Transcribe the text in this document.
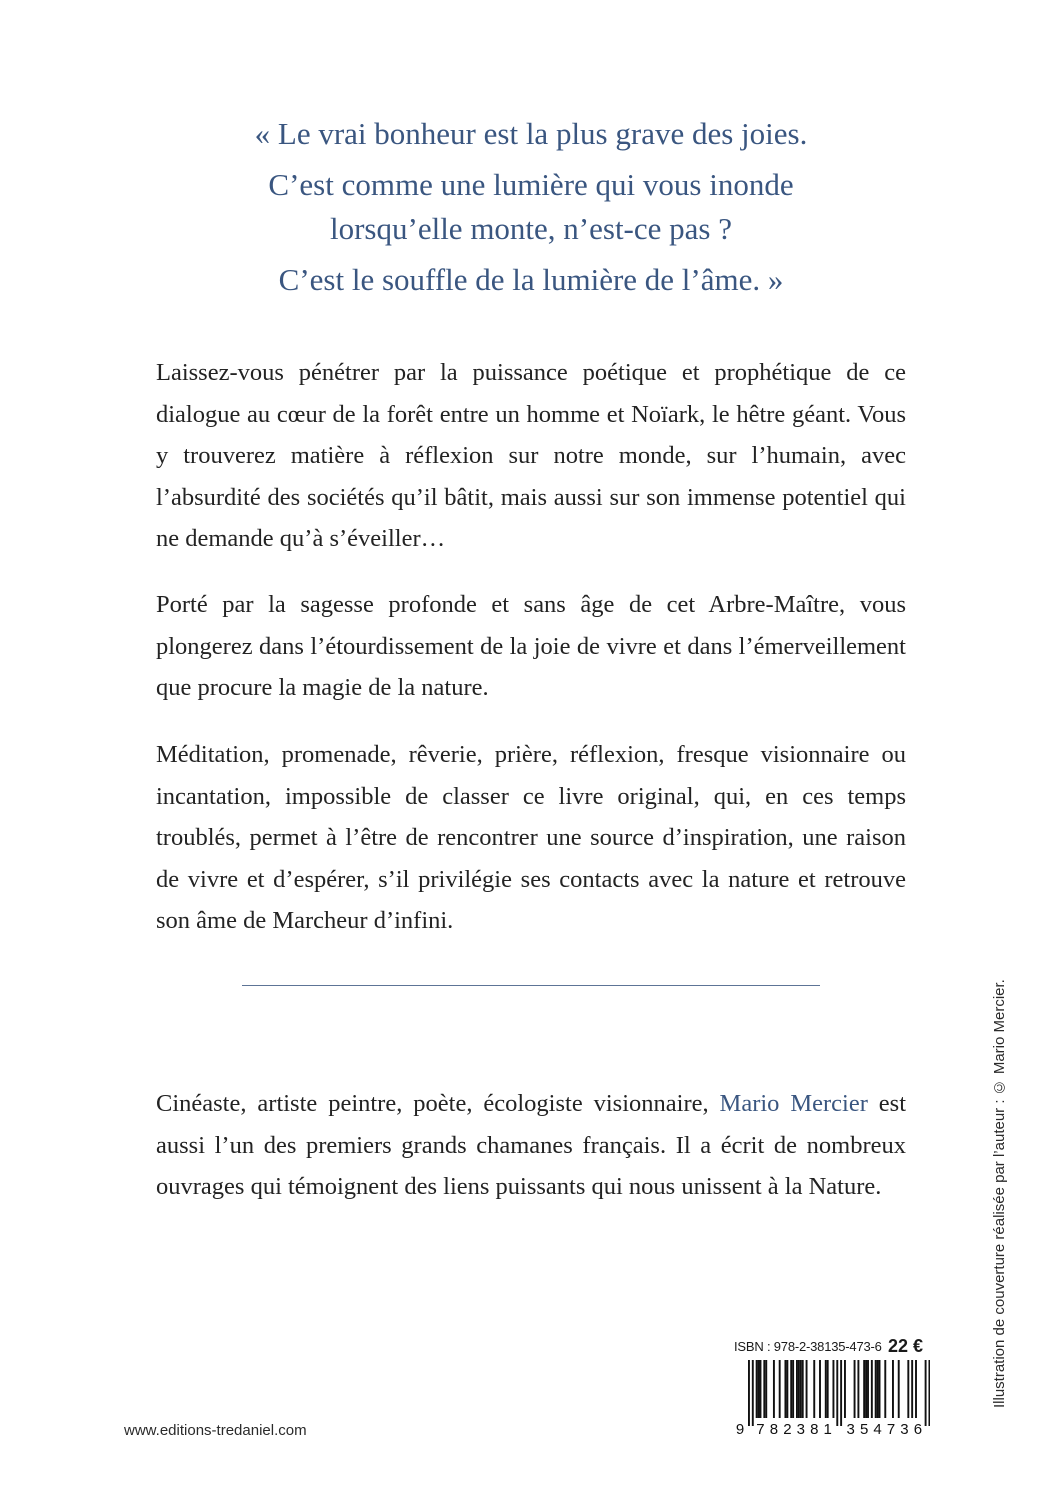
« Le vrai bonheur est la plus grave des joies.

C’est comme une lumière qui vous inonde

lorsqu’elle monte, n’est-ce pas ?

C’est le souffle de la lumière de l’âme. »

Laissez-vous pénétrer par la puissance poétique et prophétique de ce dialogue au cœur de la forêt entre un homme et Noïark, le hêtre géant. Vous y trouverez matière à réflexion sur notre monde, sur l’humain, avec l’absurdité des sociétés qu’il bâtit, mais aussi sur son immense potentiel qui ne demande qu’à s’éveiller…

Porté par la sagesse profonde et sans âge de cet Arbre-Maître, vous plongerez dans l’étourdissement de la joie de vivre et dans l’émerveillement que procure la magie de la nature.

Méditation, promenade, rêverie, prière, réflexion, fresque visionnaire ou incantation, impossible de classer ce livre original, qui, en ces temps troublés, permet à l’être de rencontrer une source d’inspiration, une raison de vivre et d’espérer, s’il privilégie ses contacts avec la nature et retrouve son âme de Marcheur d’infini.

Cinéaste, artiste peintre, poète, écologiste visionnaire, Mario Mercier est aussi l’un des premiers grands chamanes français. Il a écrit de nombreux ouvrages qui témoignent des liens puissants qui nous unissent à la Nature.	Illustration de couverture réalisée par l’auteur : © Mario Mercier.
ISBN : 978-2-38135-473-6 22 €
9 7 8 2 3 8 1 3 5 4 7 3 6
www.editions-tredaniel.com
